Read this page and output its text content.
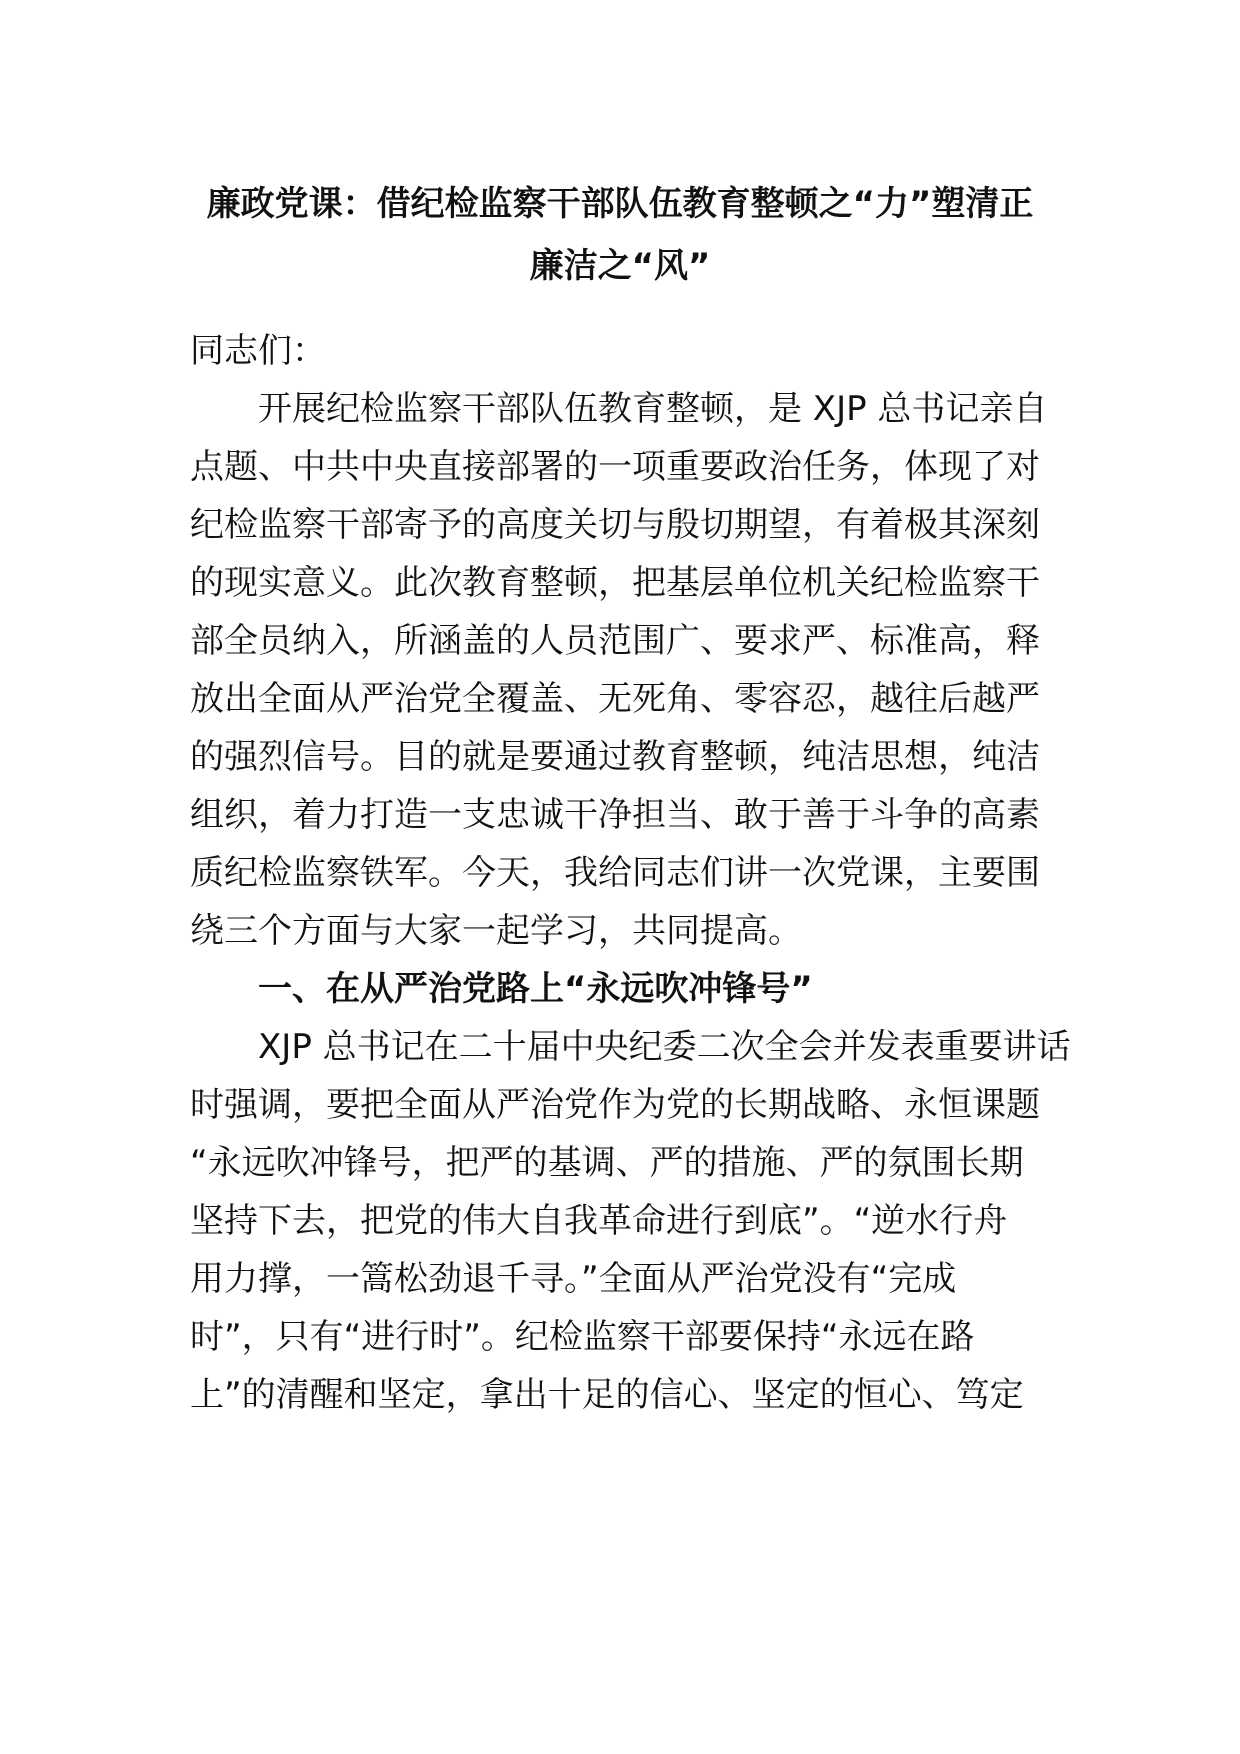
廉政党课：借纪检监察干部队伍教育整顿之“力”塑清正
廉洁之“风”
同志们：
开展纪检监察干部队伍教育整顿，是 XJP 总书记亲自
点题、中共中央直接部署的一项重要政治任务，体现了对
纪检监察干部寄予的高度关切与殷切期望，有着极其深刻
的现实意义。此次教育整顿，把基层单位机关纪检监察干
部全员纳入，所涵盖的人员范围广、要求严、标准高，释
放出全面从严治党全覆盖、无死角、零容忍，越往后越严
的强烈信号。目的就是要通过教育整顿，纯洁思想，纯洁
组织，着力打造一支忠诚干净担当、敢于善于斗争的高素
质纪检监察铁军。今天，我给同志们讲一次党课，主要围
绕三个方面与大家一起学习，共同提高。
一、在从严治党路上“永远吹冲锋号”
XJP 总书记在二十届中央纪委二次全会并发表重要讲话
时强调，要把全面从严治党作为党的长期战略、永恒课题
“永远吹冲锋号，把严的基调、严的措施、严的氛围长期
坚持下去，把党的伟大自我革命进行到底”。“逆水行舟
用力撑，一篙松劲退千寻。”全面从严治党没有“完成
时”，只有“进行时”。纪检监察干部要保持“永远在路
上”的清醒和坚定，拿出十足的信心、坚定的恒心、笃定
